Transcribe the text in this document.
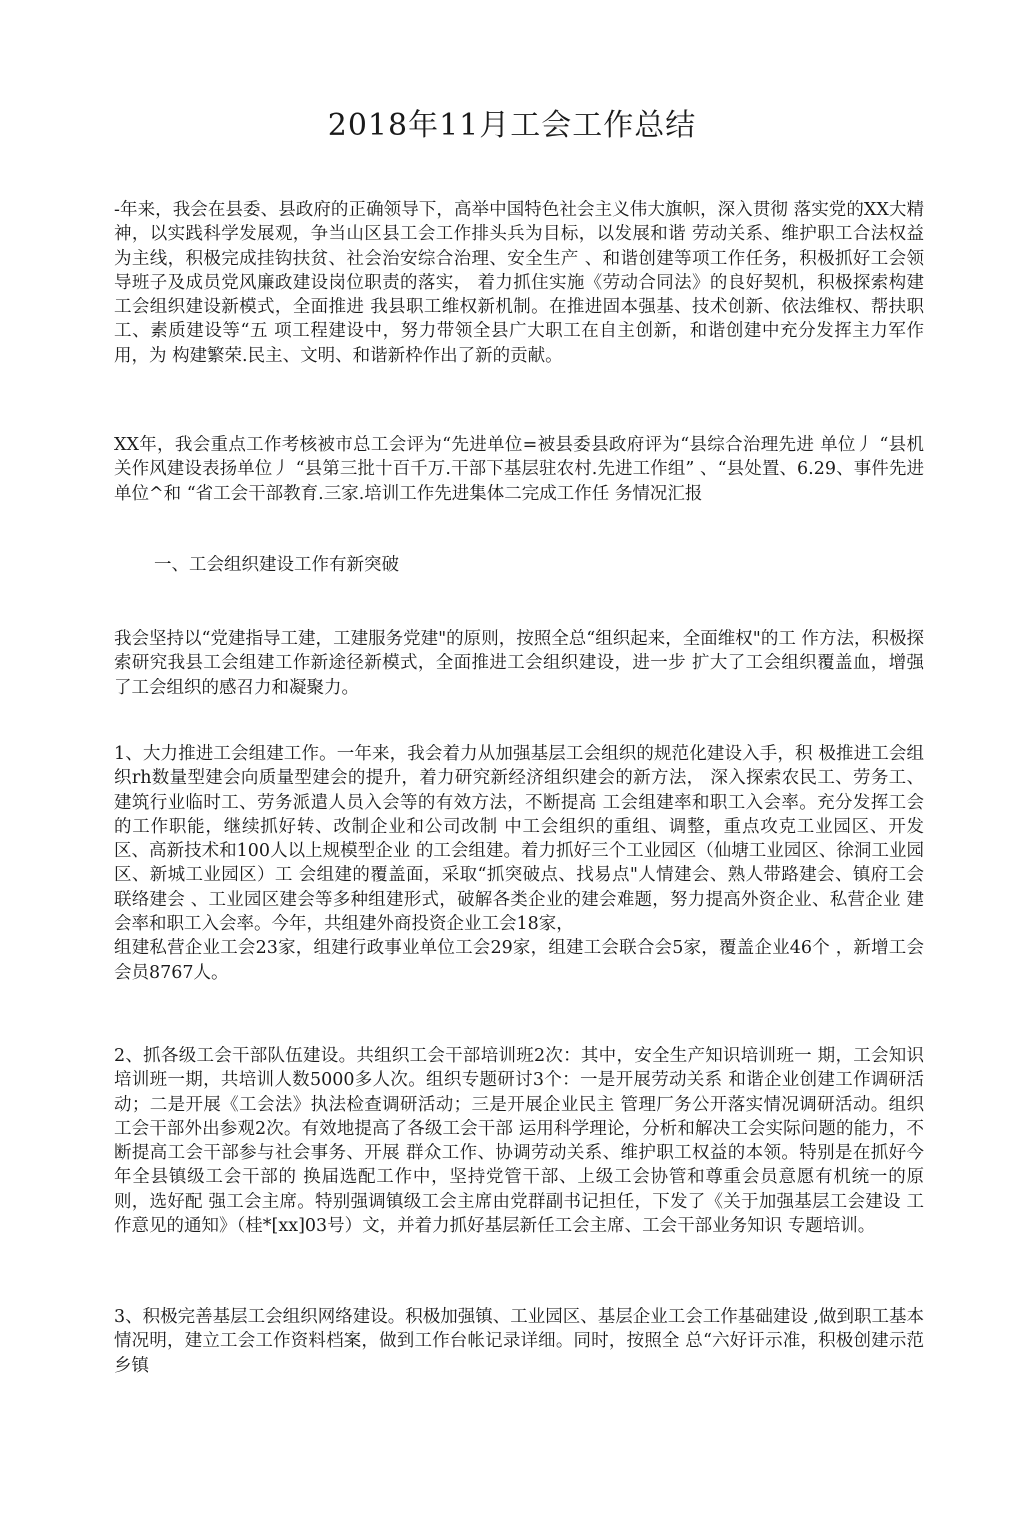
2018年11月工会工作总结

-年来，我会在县委、县政府的正确领导下，高举中国特色社会主义伟大旗帜，深入贯彻 落实党的XX大精神，以实践科学发展观，争当山区县工会工作排头兵为目标，以发展和谐 劳动关系、维护职工合法权益为主线，积极完成挂钩扶贫、社会治安综合治理、安全生产 、和谐创建等项工作任务，积极抓好工会领导班子及成员党风廉政建设岗位职责的落实， 着力抓住实施《劳动合同法》的良好契机，积极探索构建工会组织建设新模式，全面推进 我县职工维权新机制。在推进固本强基、技术创新、依法维权、帮扶职工、素质建设等“五 项工程建设中，努力带领全县广大职工在自主创新，和谐创建中充分发挥主力军作用，为 构建繁荣.民主、文明、和谐新枠作出了新的贡献。

XX年，我会重点工作考核被市总工会评为“先进单位=被县委县政府评为“县综合治理先进 单位丿 “县机关作风建设表扬单位丿 “县第三批十百千万.干部下基层驻农村.先进工作组” 、“县处置、6.29、事件先进单位^和 “省工会干部教育.三家.培训工作先进集体二完成工作任 务情况汇报

一、工会组织建设工作有新突破

我会坚持以“党建指导工建，工建服务党建"的原则，按照全总“组织起来，全面维权"的工 作方法，积极探索研究我县工会组建工作新途径新模式，全面推进工会组织建设，进一步 扩大了工会组织覆盖血，增强了工会组织的感召力和凝聚力。

1、大力推进工会组建工作。一年来，我会着力从加强基层工会组织的规范化建设入手，积 极推进工会组织rh数量型建会向质量型建会的提升，着力研究新经济组织建会的新方法， 深入探索农民工、劳务工、建筑行业临时工、劳务派遣人员入会等的有效方法，不断提高 工会组建率和职工入会率。充分发挥工会的工作职能，继续抓好转、改制企业和公司改制 中工会组织的重组、调整，重点攻克工业园区、开发区、高新技术和100人以上规模型企业 的工会组建。着力抓好三个工业园区（仙塘工业园区、徐洞工业园区、新城工业园区）工 会组建的覆盖面，采取“抓突破点、找易点"人情建会、熟人带路建会、镇府工会联络建会 、工业园区建会等多种组建形式，破解各类企业的建会难题，努力提高外资企业、私营企业 建会率和职工入会率。今年，共组建外商投资企业工会18家，
组建私营企业工会23家，组建行政事业单位工会29家，组建工会联合会5家，覆盖企业46个 ，新增工会会员8767人。

2、抓各级工会干部队伍建设。共组织工会干部培训班2次：其中，安全生产知识培训班一 期，工会知识培训班一期，共培训人数5000多人次。组织专题研讨3个：一是开展劳动关系 和谐企业创建工作调研活动；二是开展《工会法》执法检查调研活动；三是开展企业民主 管理厂务公开落实情况调研活动。组织工会干部外出参观2次。有效地提高了各级工会干部 运用科学理论，分析和解决工会实际问题的能力，不断提高工会干部参与社会事务、开展 群众工作、协调劳动关系、维护职工权益的本领。特别是在抓好今年全县镇级工会干部的 换届选配工作中，坚持党管干部、上级工会协管和尊重会员意愿有机统一的原则，选好配 强工会主席。特别强调镇级工会主席由党群副书记担任，下发了《关于加强基层工会建设 工作意见的通知》（桂*[xx]03号）文，并着力抓好基层新任工会主席、工会干部业务知识 专题培训。

3、积极完善基层工会组织网络建设。积极加强镇、工业园区、基层企业工会工作基础建设 ,做到职工基本情况明，建立工会工作资料档案，做到工作台帐记录详细。同时，按照全 总“六好讦示准，积极创建示范乡镇
